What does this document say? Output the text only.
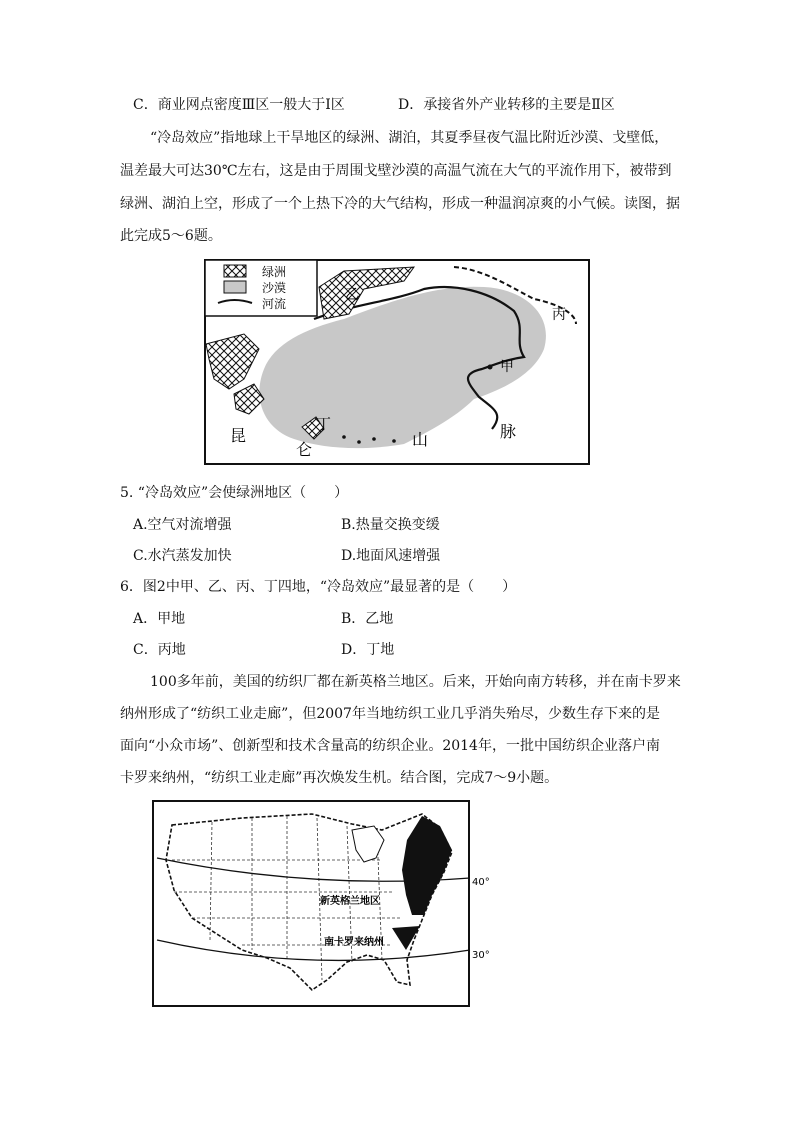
C．商业网点密度Ⅲ区一般大于Ⅰ区	D．承接省外产业转移的主要是Ⅱ区
“冷岛效应”指地球上干旱地区的绿洲、湖泊，其夏季昼夜气温比附近沙漠、戈壁低，
温差最大可达30℃左右，这是由于周围戈壁沙漠的高温气流在大气的平流作用下，被带到
绿洲、湖泊上空，形成了一个上热下冷的大气结构，形成一种温润凉爽的小气候。读图，据
此完成5～6题。
绿洲
沙漠
河流
乙
丙
甲
丁
昆
仑
山	脉
5. “冷岛效应”会使绿洲地区（　　）
A.空气对流增强	B.热量交换变缓
C.水汽蒸发加快	D.地面风速增强
6．图2中甲、乙、丙、丁四地，“冷岛效应”最显著的是（　　）
A．甲地	B．乙地
C．丙地	D．丁地
100多年前，美国的纺织厂都在新英格兰地区。后来，开始向南方转移，并在南卡罗来
纳州形成了“纺织工业走廊”，但2007年当地纺织工业几乎消失殆尽，少数生存下来的是
面向“小众市场”、创新型和技术含量高的纺织企业。2014年，一批中国纺织企业落户南
卡罗来纳州，“纺织工业走廊”再次焕发生机。结合图，完成7～9小题。
新英格兰地区
南卡罗来纳州
40°
30°
